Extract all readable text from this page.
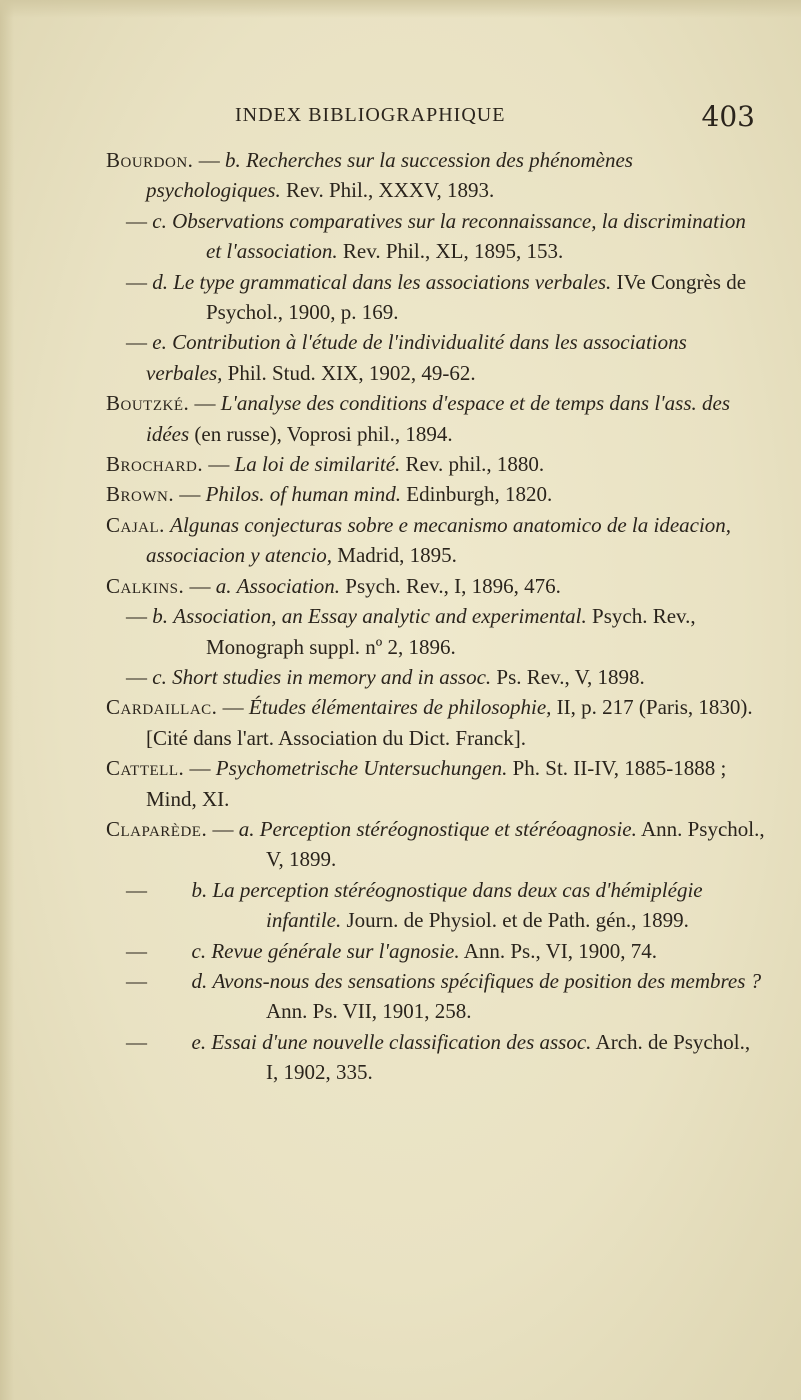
INDEX BIBLIOGRAPHIQUE	403

Bourdon. — b. Recherches sur la succession des phénomènes psychologiques. Rev. Phil., XXXV, 1893.

— c. Observations comparatives sur la reconnaissance, la discrimination et l'association. Rev. Phil., XL, 1895, 153.

— d. Le type grammatical dans les associations verbales. IVe Congrès de Psychol., 1900, p. 169.

— e. Contribution à l'étude de l'individualité dans les associations verbales, Phil. Stud. XIX, 1902, 49-62.

Boutzké. — L'analyse des conditions d'espace et de temps dans l'ass. des idées (en russe), Voprosi phil., 1894.

Brochard. — La loi de similarité. Rev. phil., 1880.

Brown. — Philos. of human mind. Edinburgh, 1820.

Cajal. Algunas conjecturas sobre e mecanismo anatomico de la ideacion, associacion y atencio, Madrid, 1895.

Calkins. — a. Association. Psych. Rev., I, 1896, 476.

— b. Association, an Essay analytic and experimental. Psych. Rev., Monograph suppl. nº 2, 1896.

— c. Short studies in memory and in assoc. Ps. Rev., V, 1898.

Cardaillac. — Études élémentaires de philosophie, II, p. 217 (Paris, 1830). [Cité dans l'art. Association du Dict. Franck].

Cattell. — Psychometrische Untersuchungen. Ph. St. II-IV, 1885-1888 ; Mind, XI.

Claparède. — a. Perception stéréognostique et stéréoagnosie. Ann. Psychol., V, 1899.

— b. La perception stéréognostique dans deux cas d'hémiplégie infantile. Journ. de Physiol. et de Path. gén., 1899.

— c. Revue générale sur l'agnosie. Ann. Ps., VI, 1900, 74.

— d. Avons-nous des sensations spécifiques de position des membres ? Ann. Ps. VII, 1901, 258.

— e. Essai d'une nouvelle classification des assoc. Arch. de Psychol., I, 1902, 335.
